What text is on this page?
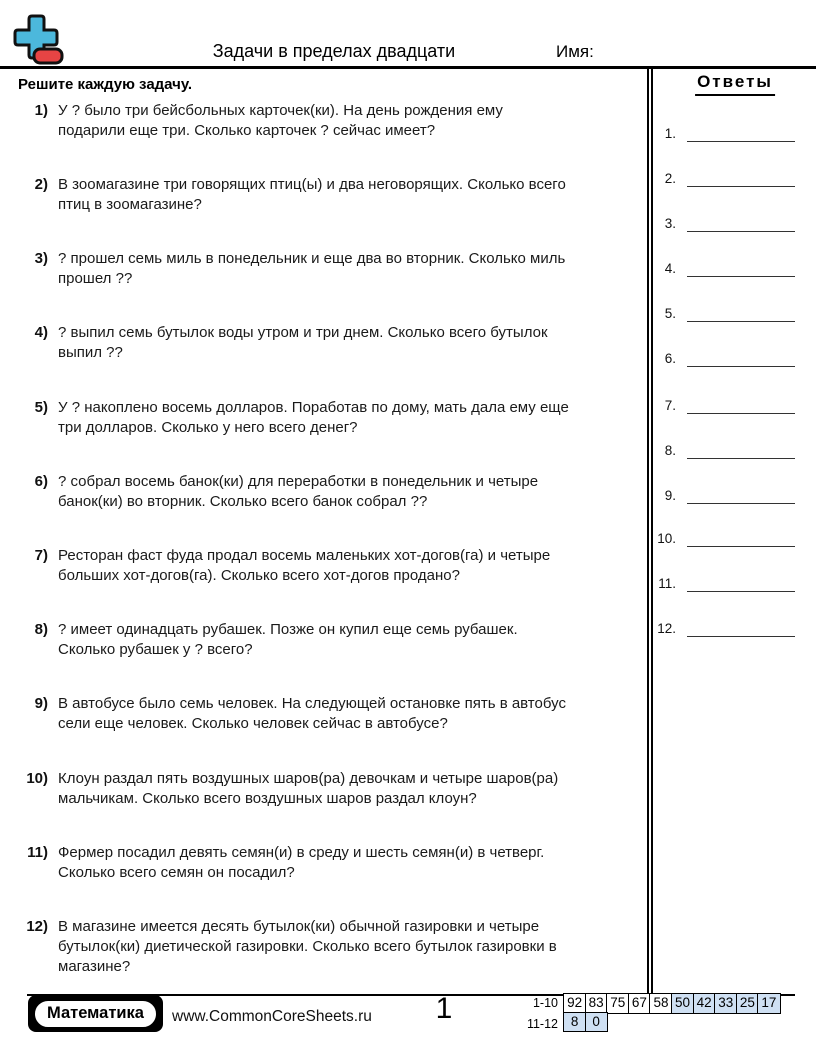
Задачи в пределах двадцати	Имя:
Решите каждую задачу.
1) У ? было три бейсбольных карточек(ки). На день рождения ему подарили еще три. Сколько карточек ? сейчас имеет?
2) В зоомагазине три говорящих птиц(ы) и два неговорящих. Сколько всего птиц в зоомагазине?
3) ? прошел семь миль в понедельник и еще два во вторник. Сколько миль прошел ??
4) ? выпил семь бутылок воды утром и три днем. Сколько всего бутылок выпил ??
5) У ? накоплено восемь долларов. Поработав по дому, мать дала ему еще три долларов. Сколько у него всего денег?
6) ? собрал восемь банок(ки) для переработки в понедельник и четыре банок(ки) во вторник. Сколько всего банок собрал ??
7) Ресторан фаст фуда продал восемь маленьких хот-догов(га) и четыре больших хот-догов(га). Сколько всего хот-догов продано?
8) ? имеет одинадцать рубашек. Позже он купил еще семь рубашек. Сколько рубашек у ? всего?
9) В автобусе было семь человек. На следующей остановке пять в автобус сели еще человек. Сколько человек сейчас в автобусе?
10) Клоун раздал пять воздушных шаров(ра) девочкам и четыре шаров(ра) мальчикам. Сколько всего воздушных шаров раздал клоун?
11) Фермер посадил девять семян(и) в среду и шесть семян(и) в четверг. Сколько всего семян он посадил?
12) В магазине имеется десять бутылок(ки) обычной газировки и четыре бутылок(ки) диетической газировки. Сколько всего бутылок газировки в магазине?
Ответы
1.
2.
3.
4.
5.
6.
7.
8.
9.
10.
11.
12.
Математика	www.CommonCoreSheets.ru	1	1-10 92 83 75 67 58 50 42 33 25 17
11-12 8	0
